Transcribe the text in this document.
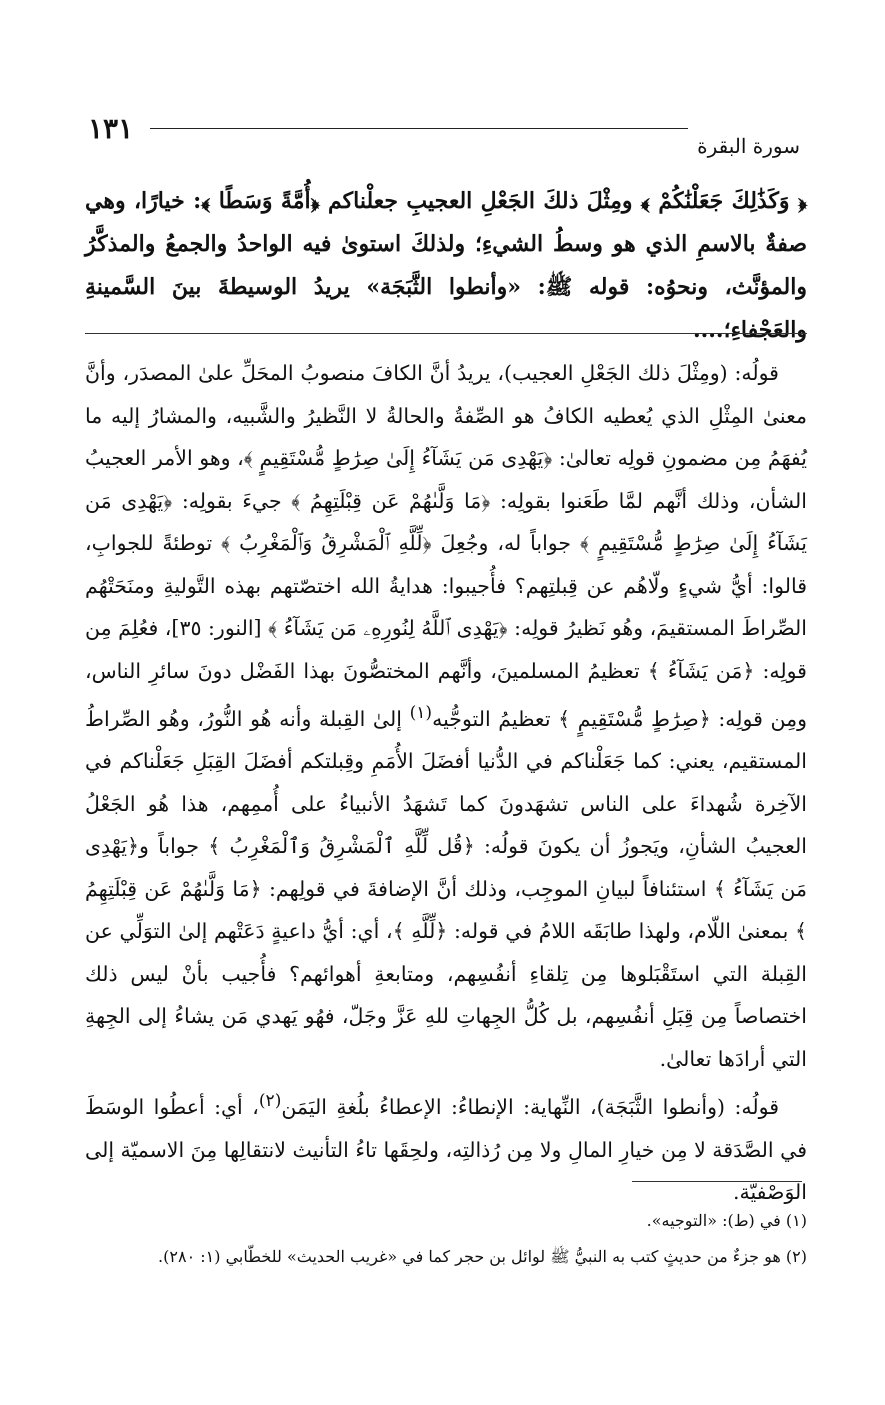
١٣١
سورة البقرة
﴿ وَكَذَٰلِكَ جَعَلْنَٰكُمْ ﴾ ومِثْلَ ذلكَ الجَعْلِ العجيبِ جعلْناكم ﴿أُمَّةً وَسَطًا ﴾: خيارًا، وهي صفةٌ بالاسمِ الذي هو وسطُ الشيءِ؛ ولذلكَ استوىٰ فيه الواحدُ والجمعُ والمذكَّرُ والمؤنَّث، ونحوُه: قوله ﷺ: «وأنطوا الثَّبَجَة» يريدُ الوسيطةَ بينَ السَّمينةِ والعَجْفاءِ؛....

قولُه: (ومِثْلَ ذلك الجَعْلِ العجيب)، يريدُ أنَّ الكافَ منصوبُ المحَلِّ علىٰ المصدَر، وأنَّ معنىٰ المِثْلِ الذي يُعطيه الكافُ هو الصِّفةُ والحالةُ لا النَّظيرُ والشَّبيه، والمشارُ إليه ما يُفهَمُ مِن مضمونِ قولِه تعالىٰ: ﴿يَهْدِى مَن يَشَآءُ إِلَىٰ صِرَٰطٍ مُّسْتَقِيمٍ ﴾، وهو الأمر العجيبُ الشأن، وذلك أنَّهم لمَّا طَعَنوا بقولِه: ﴿مَا وَلَّىٰهُمْ عَن قِبْلَتِهِمُ ﴾ جيءَ بقولِه: ﴿يَهْدِى مَن يَشَآءُ إِلَىٰ صِرَٰطٍ مُّسْتَقِيمٍ ﴾ جواباً له، وجُعِلَ ﴿لِّلَّهِ ٱلْمَشْرِقُ وَٱلْمَغْرِبُ ﴾ توطئةً للجوابِ، قالوا: أيُّ شيءٍ ولّاهُم عن قِبلتِهم؟ فأُجيبوا: هدايةُ الله اختصّتهم بهذه التَّوليةِ ومنَحَتْهُم الصِّراطَ المستقيمَ، وهُو نَظيرُ قولِه: ﴿يَهْدِى ٱللَّهُ لِنُورِهِۦ مَن يَشَآءُ ﴾ [النور: ٣٥]، فعُلِمَ مِن قولِه: ﴿مَن يَشَآءُ ﴾ تعظيمُ المسلمينَ، وأنَّهم المختصُّونَ بهذا الفَضْل دونَ سائرِ الناس، ومِن قولِه: ﴿صِرَٰطٍ مُّسْتَقِيمٍ ﴾ تعظيمُ التوجُّيه$^{(١)}$ إلىٰ القِبلة وأنه هُو النُّورُ، وهُو الصِّراطُ المستقيم، يعني: كما جَعَلْناكم في الدُّنيا أفضَلَ الأُمَمِ وقِبلتكم أفضَلَ القِبَلِ جَعَلْناكم في الآخِرة شُهداءَ على الناس تشهَدونَ كما تَشهَدُ الأنبياءُ على أُممِهم، هذا هُو الجَعْلُ العجيبُ الشأنِ، ويَجوزُ أن يكونَ قولُه: ﴿قُل لِّلَّهِ ٱلْمَشْرِقُ وَٱلْمَغْرِبُ ﴾ جواباً و﴿يَهْدِى مَن يَشَآءُ ﴾ استئنافاً لبيانِ الموجِب، وذلك أنَّ الإضافةَ في قولِهم: ﴿مَا وَلَّىٰهُمْ عَن قِبْلَتِهِمُ ﴾ بمعنىٰ اللّام، ولهذا طابَقَه اللامُ في قوله: ﴿لِّلَّهِ ﴾، أي: أيُّ داعيةٍ دَعَتْهم إلىٰ التوَلِّي عن القِبلة التي استَقْبَلوها مِن تِلقاءِ أنفُسِهم، ومتابعةِ أهوائهم؟ فأُجيب بأنْ ليس ذلك اختصاصاً مِن قِبَلِ أنفُسِهم، بل كُلُّ الجِهاتِ للهِ عَزَّ وجَلّ، فهُو يَهدي مَن يشاءُ إلى الجِهةِ التي أرادَها تعالىٰ.

قولُه: (وأنطوا الثَّبَجَة)، النِّهاية: الإنطاءُ: الإعطاءُ بلُغةِ اليَمَن$^{(٢)}$، أي: أعطُوا الوسَطَ في الصَّدَقة لا مِن خيارِ المالِ ولا مِن رُذالتِه، ولحِقَها تاءُ التأنيث لانتقالِها مِنَ الاسميّة إلى الوَصْفيّة.

(١) في (ط): «التوجيه».
(٢) هو جزءٌ من حديثٍ كتب به النبيُّ ﷺ لوائل بن حجر كما في «غريب الحديث» للخطّابي (١: ٢٨٠).
